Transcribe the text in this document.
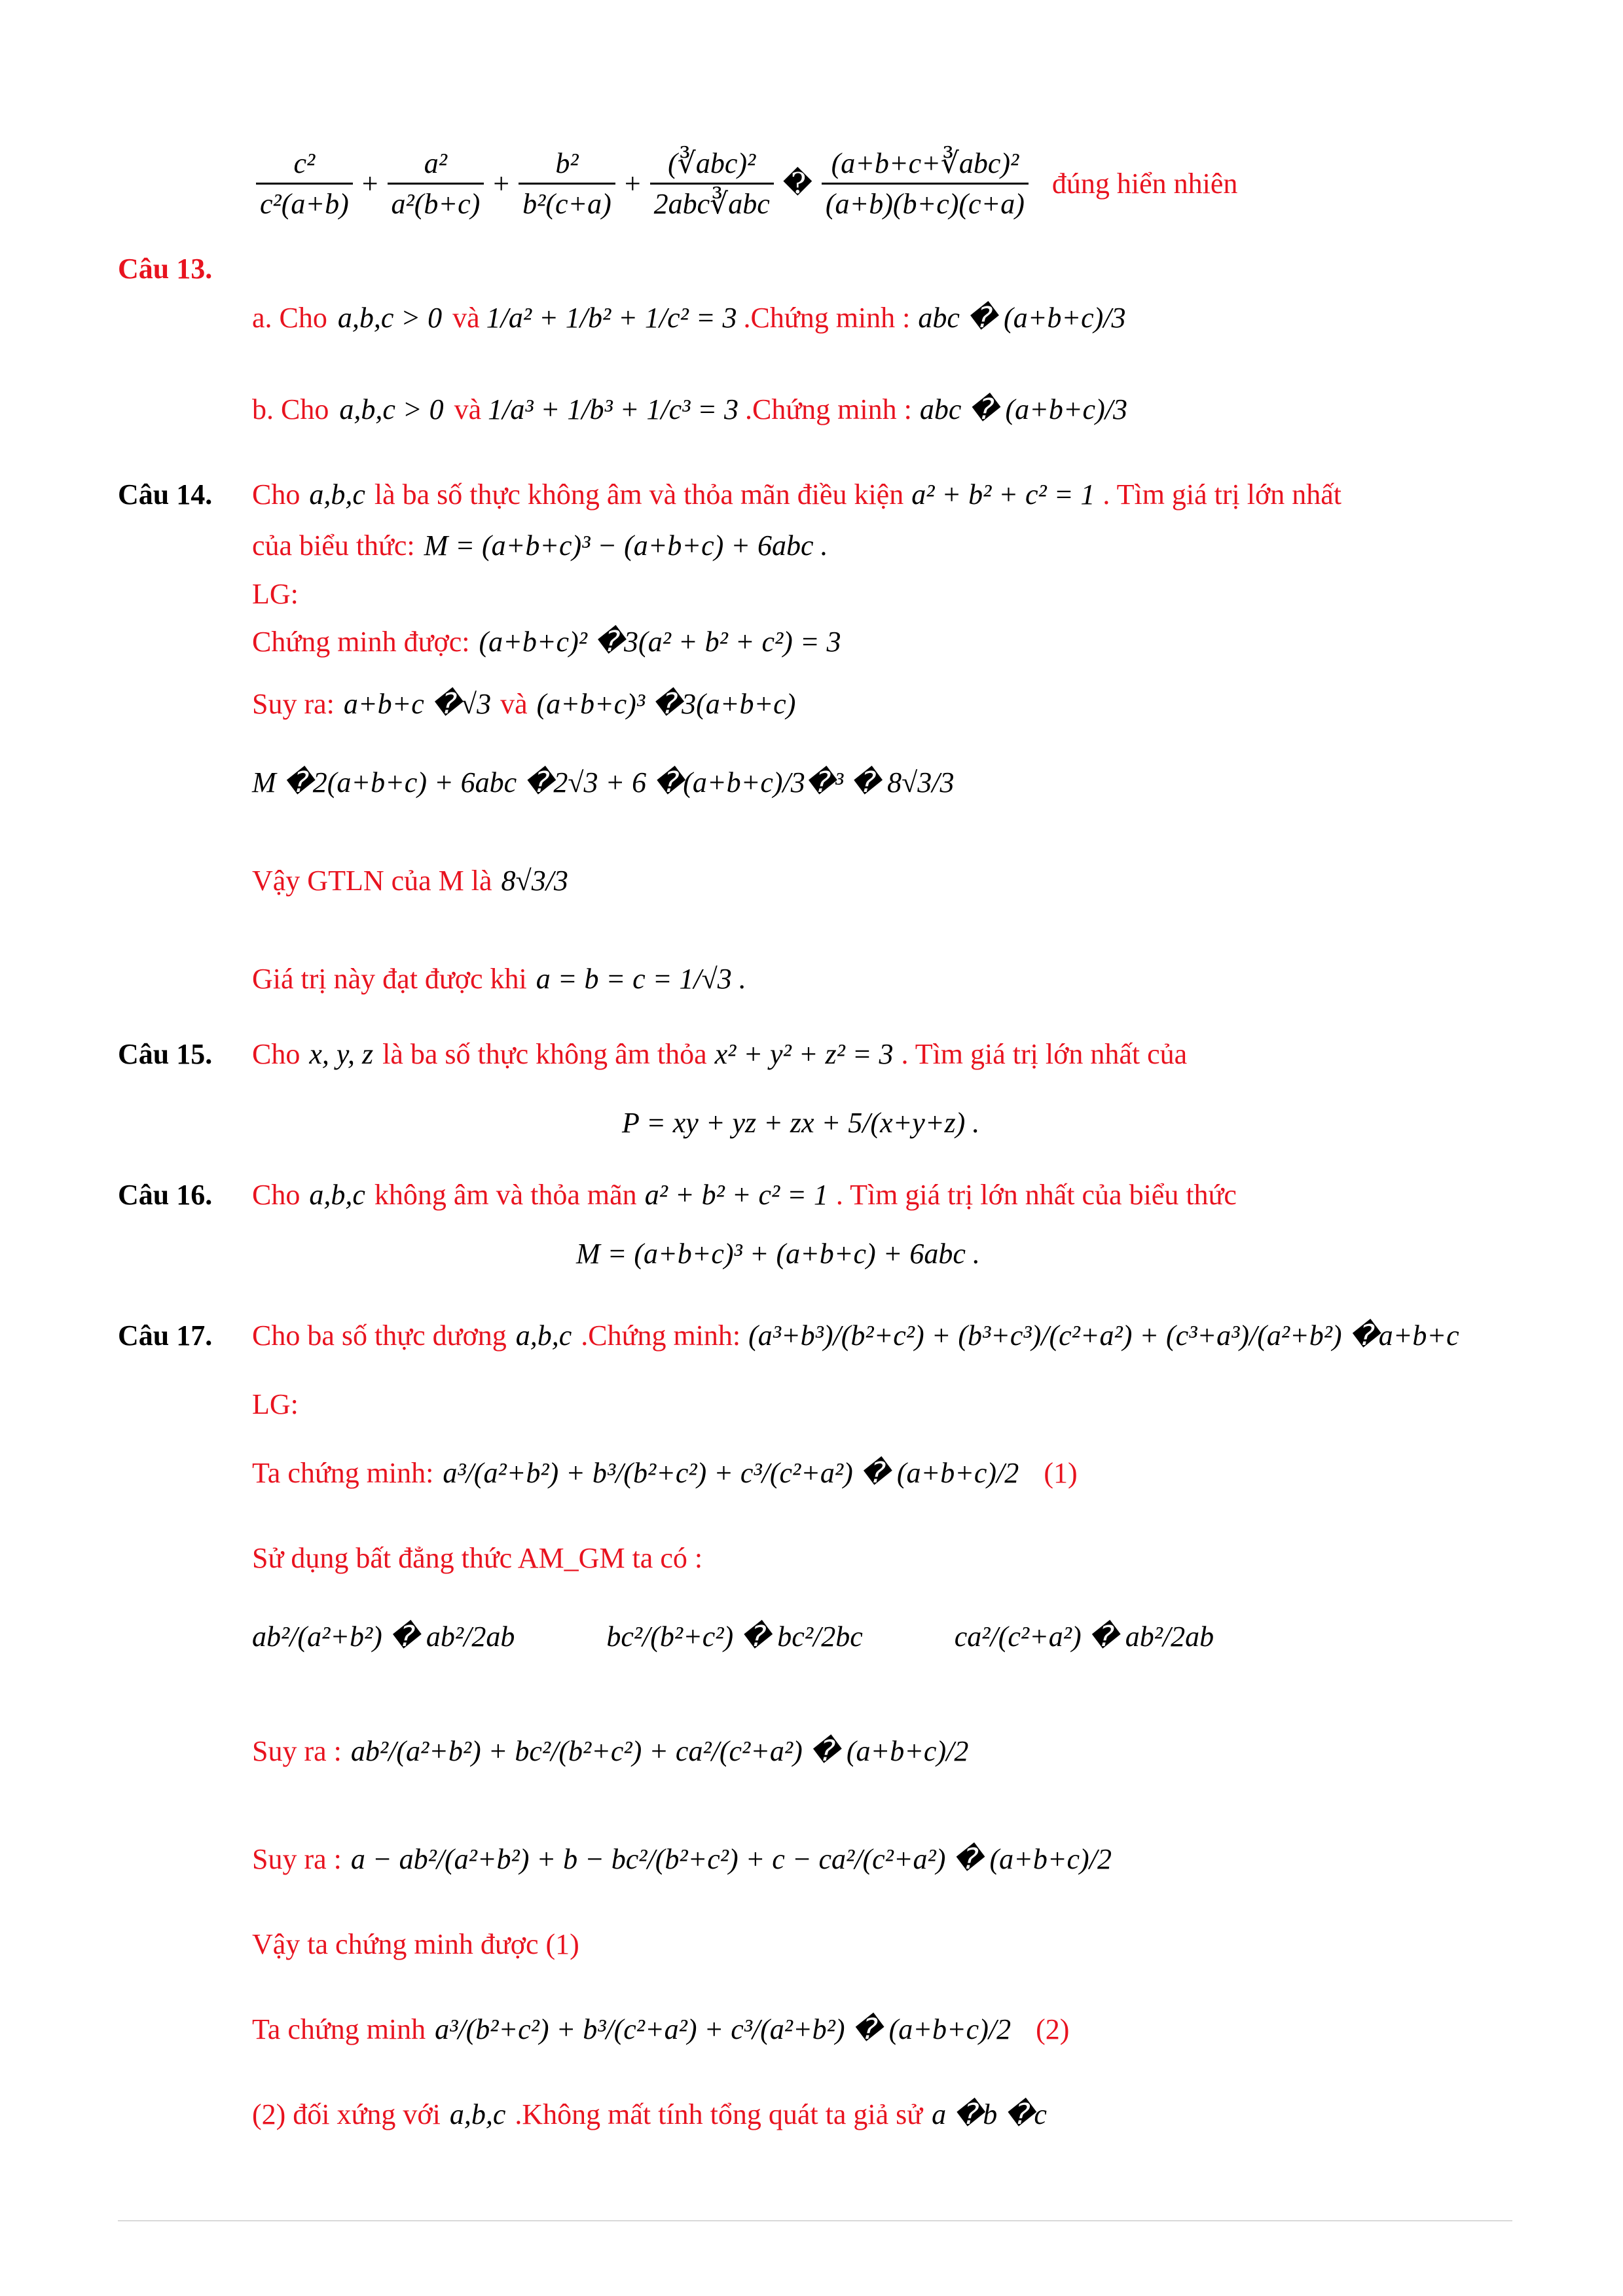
$\frac{\text{c²}}{\text{c²(a+b)}} + \frac{\text{a²}}{\text{a²(b+c)}} + \frac{\text{b²}}{\text{b²(c+a)}} + \frac{\text{(∛abc)²}}{\text{2abc∛abc}}$ � $\frac{\text{(a+b+c+∛abc)²}}{(a+b)(b+c)(c+a)}$ đúng hiển nhiên
Câu 13.
a. Cho a,b,c > 0 và 1/a² + 1/b² + 1/c² = 3 .Chứng minh : abc � (a+b+c)/3
b. Cho a,b,c > 0 và 1/a³ + 1/b³ + 1/c³ = 3 .Chứng minh : abc � (a+b+c)/3
Câu 14.	Cho a,b,c là ba số thực không âm và thỏa mãn điều kiện a² + b² + c² = 1 . Tìm giá trị lớn nhất
của biểu thức: M = (a+b+c)³ − (a+b+c) + 6abc .
LG:
Chứng minh được: (a+b+c)² �3(a² + b² + c²) = 3
Suy ra: a+b+c �√3 và (a+b+c)³ �3(a+b+c)
M �2(a+b+c) + 6abc �2√3 + 6 �(a+b+c)/3�³ � 8√3/3
Vậy GTLN của M là 8√3/3
Giá trị này đạt được khi a = b = c = 1/√3 .
Câu 15.	Cho x, y, z là ba số thực không âm thỏa x² + y² + z² = 3 . Tìm giá trị lớn nhất của
P = xy + yz + zx + 5/(x+y+z) .
Câu 16.	Cho a,b,c không âm và thỏa mãn a² + b² + c² = 1 . Tìm giá trị lớn nhất của biểu thức
M = (a+b+c)³ + (a+b+c) + 6abc .
Câu 17.	Cho ba số thực dương a,b,c .Chứng minh: (a³+b³)/(b²+c²) + (b³+c³)/(c²+a²) + (c³+a³)/(a²+b²) �a+b+c
LG:
Ta chứng minh: a³/(a²+b²) + b³/(b²+c²) + c³/(c²+a²) � (a+b+c)/2 (1)
Sử dụng bất đẳng thức AM_GM ta có :
ab²/(a²+b²) � ab²/2ab	bc²/(b²+c²) � bc²/2bc	ca²/(c²+a²) � ab²/2ab
Suy ra : ab²/(a²+b²) + bc²/(b²+c²) + ca²/(c²+a²) � (a+b+c)/2
Suy ra : a − ab²/(a²+b²) + b − bc²/(b²+c²) + c − ca²/(c²+a²) � (a+b+c)/2
Vậy ta chứng minh được (1)
Ta chứng minh a³/(b²+c²) + b³/(c²+a²) + c³/(a²+b²) � (a+b+c)/2 (2)
(2) đối xứng với a,b,c .Không mất tính tổng quát ta giả sử a �b �c
